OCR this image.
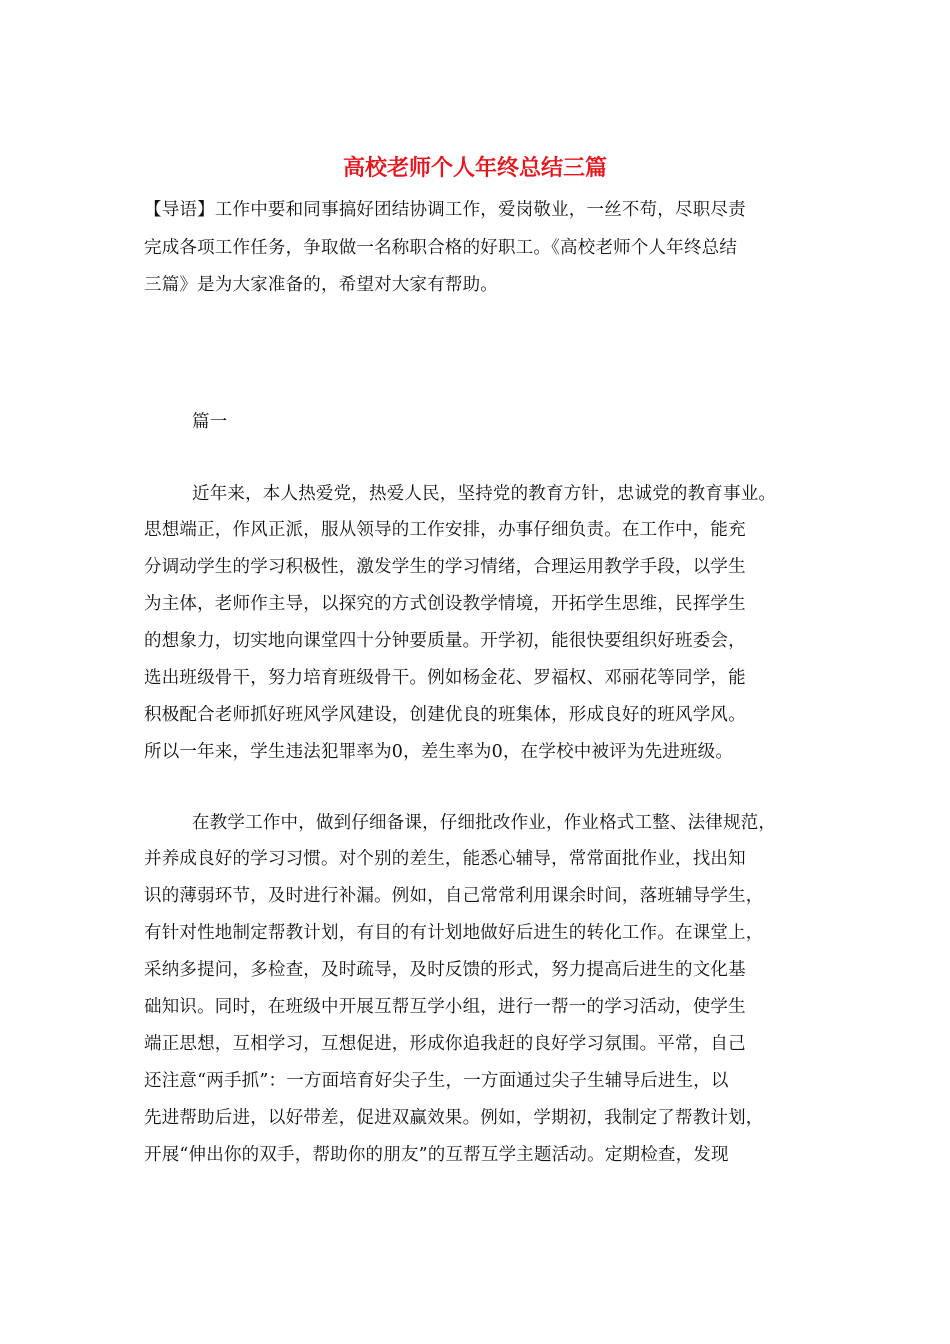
高校老师个人年终总结三篇
【导语】工作中要和同事搞好团结协调工作，爱岗敬业，一丝不苟，尽职尽责
完成各项工作任务，争取做一名称职合格的好职工。《高校老师个人年终总结
三篇》是为大家准备的，希望对大家有帮助。
篇一
近年来，本人热爱党，热爱人民，坚持党的教育方针，忠诚党的教育事业。
思想端正，作风正派，服从领导的工作安排，办事仔细负责。在工作中，能充
分调动学生的学习积极性，激发学生的学习情绪，合理运用教学手段，以学生
为主体，老师作主导，以探究的方式创设教学情境，开拓学生思维，民挥学生
的想象力，切实地向课堂四十分钟要质量。开学初，能很快要组织好班委会，
选出班级骨干，努力培育班级骨干。例如杨金花、罗福权、邓丽花等同学，能
积极配合老师抓好班风学风建设，创建优良的班集体，形成良好的班风学风。
所以一年来，学生违法犯罪率为0，差生率为0，在学校中被评为先进班级。
在教学工作中，做到仔细备课，仔细批改作业，作业格式工整、法律规范，
并养成良好的学习习惯。对个别的差生，能悉心辅导，常常面批作业，找出知
识的薄弱环节，及时进行补漏。例如，自己常常利用课余时间，落班辅导学生，
有针对性地制定帮教计划，有目的有计划地做好后进生的转化工作。在课堂上，
采纳多提问，多检查，及时疏导，及时反馈的形式，努力提高后进生的文化基
础知识。同时，在班级中开展互帮互学小组，进行一帮一的学习活动，使学生
端正思想，互相学习，互想促进，形成你追我赶的良好学习氛围。平常，自己
还注意“两手抓”：一方面培育好尖子生，一方面通过尖子生辅导后进生，以
先进帮助后进，以好带差，促进双赢效果。例如，学期初，我制定了帮教计划，
开展“伸出你的双手，帮助你的朋友”的互帮互学主题活动。定期检查，发现
